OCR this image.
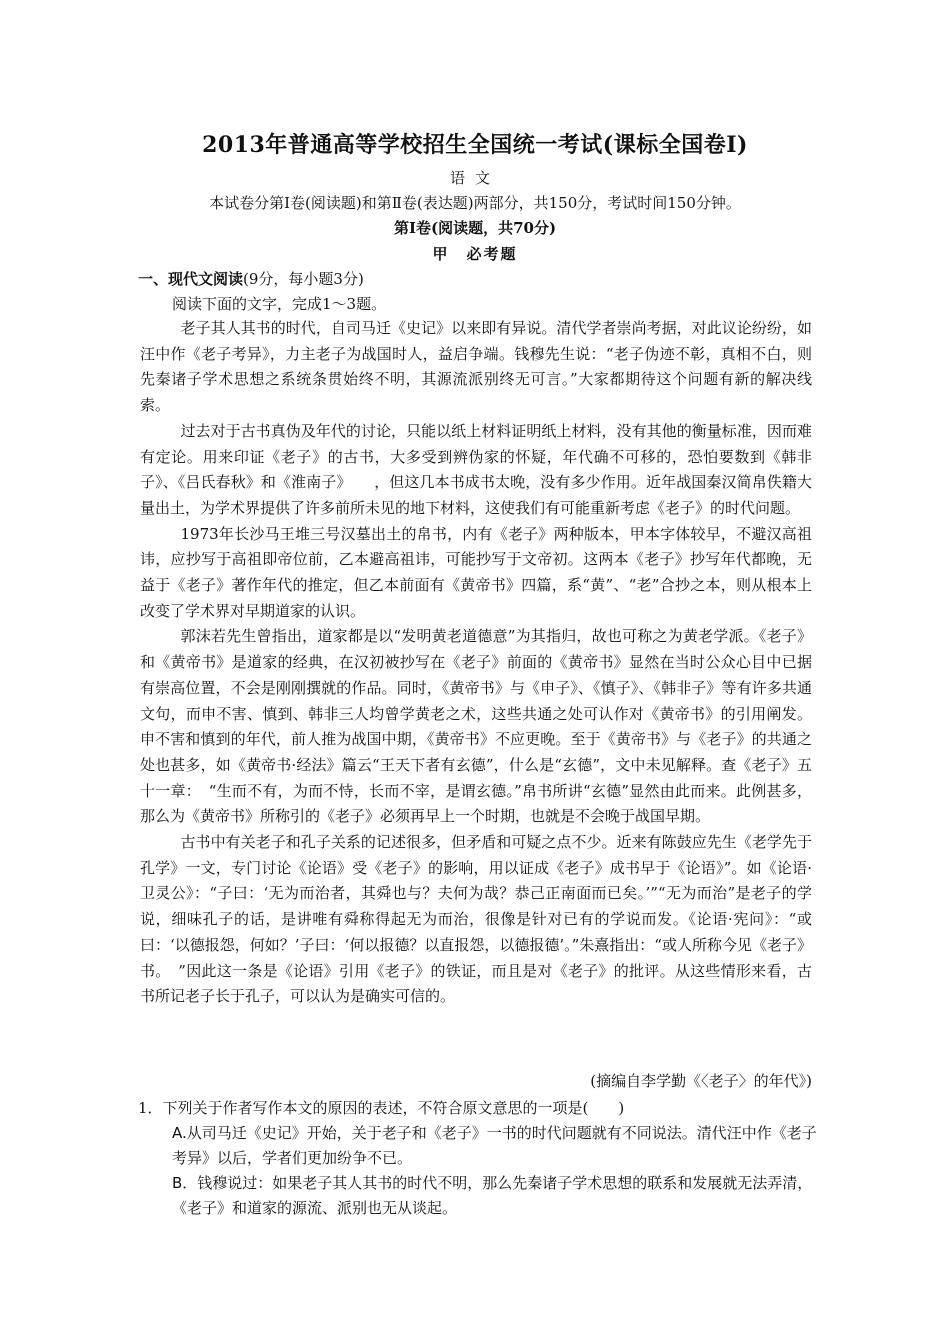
2013年普通高等学校招生全国统一考试(课标全国卷Ⅰ)
语文
本试卷分第Ⅰ卷(阅读题)和第Ⅱ卷(表达题)两部分，共150分，考试时间150分钟。
第Ⅰ卷(阅读题，共70分)
甲　必考题
一、现代文阅读(9分，每小题3分)
阅读下面的文字，完成1～3题。

老子其人其书的时代，自司马迁《史记》以来即有异说。清代学者崇尚考据，对此议论纷纷，如汪中作《老子考异》，力主老子为战国时人，益启争端。钱穆先生说：“老子伪迹不彰，真相不白，则先秦诸子学术思想之系统条贯始终不明，其源流派别终无可言。”大家都期待这个问题有新的解决线索。

过去对于古书真伪及年代的讨论，只能以纸上材料证明纸上材料，没有其他的衡量标准，因而难有定论。用来印证《老子》的古书，大多受到辨伪家的怀疑，年代确不可移的，恐怕要数到《韩非子》、《吕氏春秋》和《淮南子》　　，但这几本书成书太晚，没有多少作用。近年战国秦汉简帛佚籍大量出土，为学术界提供了许多前所未见的地下材料，这使我们有可能重新考虑《老子》的时代问题。

1973年长沙马王堆三号汉墓出土的帛书，内有《老子》两种版本，甲本字体较早，不避汉高祖讳，应抄写于高祖即帝位前，乙本避高祖讳，可能抄写于文帝初。这两本《老子》抄写年代都晚，无益于《老子》著作年代的推定，但乙本前面有《黄帝书》四篇，系“黄”、“老”合抄之本，则从根本上改变了学术界对早期道家的认识。

郭沫若先生曾指出，道家都是以“发明黄老道德意”为其指归，故也可称之为黄老学派。《老子》和《黄帝书》是道家的经典，在汉初被抄写在《老子》前面的《黄帝书》显然在当时公众心目中已据有崇高位置，不会是刚刚撰就的作品。同时，《黄帝书》与《申子》、《慎子》、《韩非子》等有许多共通文句，而申不害、慎到、韩非三人均曾学黄老之术，这些共通之处可认作对《黄帝书》的引用阐发。申不害和慎到的年代，前人推为战国中期，《黄帝书》不应更晚。至于《黄帝书》与《老子》的共通之处也甚多，如《黄帝书·经法》篇云“王天下者有玄德”，什么是“玄德”，文中未见解释。查《老子》五十一章：　“生而不有，为而不恃，长而不宰，是谓玄德。”帛书所讲“玄德”显然由此而来。此例甚多，那么为《黄帝书》所称引的《老子》必须再早上一个时期，也就是不会晚于战国早期。

古书中有关老子和孔子关系的记述很多，但矛盾和可疑之点不少。近来有陈鼓应先生《老学先于孔学》一文，专门讨论《论语》受《老子》的影响，用以证成《老子》成书早于《论语》”。如《论语·卫灵公》：“子曰：‘无为而治者，其舜也与？夫何为哉？恭己正南面而已矣。’”“无为而治”是老子的学说，细味孔子的话，是讲唯有舜称得起无为而治，很像是针对已有的学说而发。《论语·宪问》：“或曰：‘以德报怨，何如？’子曰：‘何以报德？以直报怨，以德报德’。”朱熹指出：“或人所称今见《老子》书。　”因此这一条是《论语》引用《老子》的铁证，而且是对《老子》的批评。从这些情形来看，古书所记老子长于孔子，可以认为是确实可信的。

(摘编自李学勤《〈老子〉的年代》)

1．下列关于作者写作本文的原因的表述，不符合原文意思的一项是(　　)

A.从司马迁《史记》开始，关于老子和《老子》一书的时代问题就有不同说法。清代汪中作《老子考异》以后，学者们更加纷争不已。

B．钱穆说过：如果老子其人其书的时代不明，那么先秦诸子学术思想的联系和发展就无法弄清，《老子》和道家的源流、派别也无从谈起。
